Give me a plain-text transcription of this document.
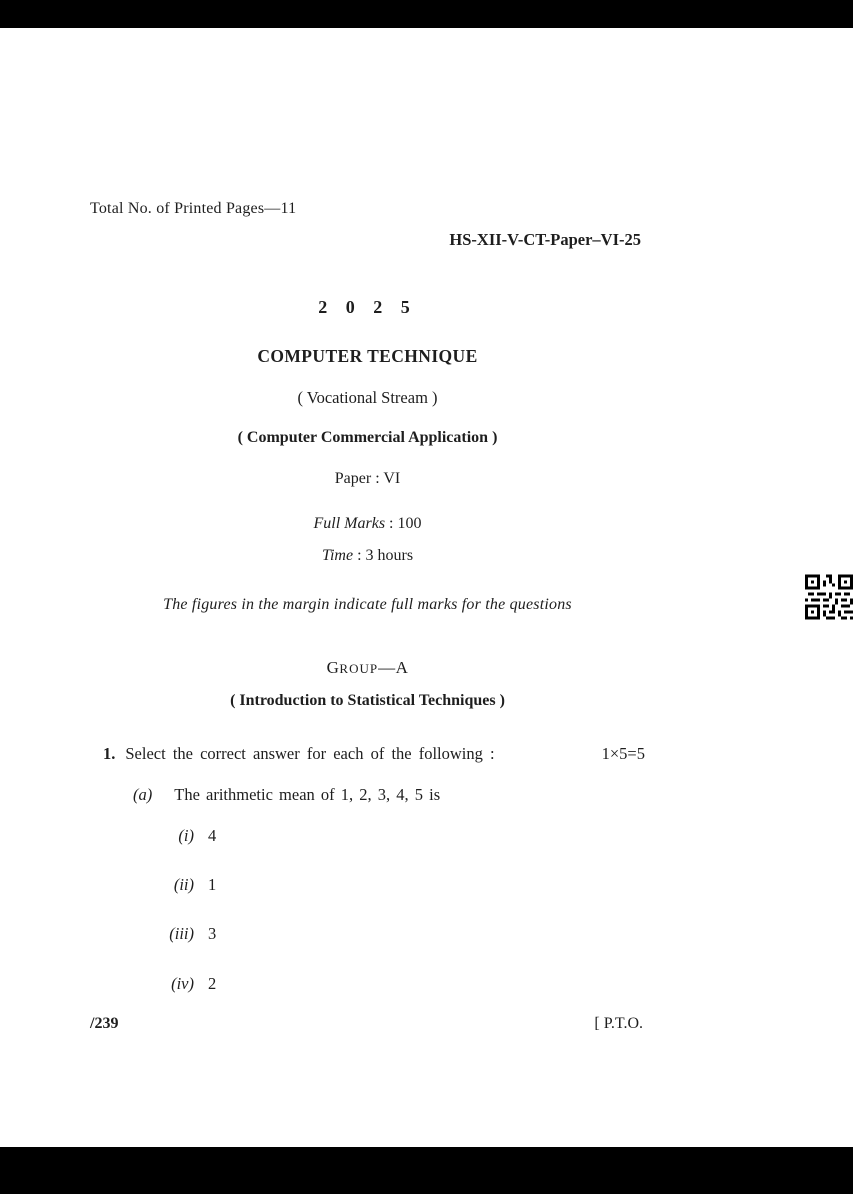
Total No. of Printed Pages—11
HS-XII-V-CT-Paper–VI-25
2 0 2 5
COMPUTER TECHNIQUE
( Vocational Stream )
( Computer Commercial Application )
Paper : VI
Full Marks : 100
Time : 3 hours
The figures in the margin indicate full marks for the questions
GROUP—A
( Introduction to Statistical Techniques )
1. Select the correct answer for each of the following :	1×5=5
(a) The arithmetic mean of 1, 2, 3, 4, 5 is
(i) 4
(ii) 1
(iii) 3
(iv) 2
/239	[ P.T.O.
